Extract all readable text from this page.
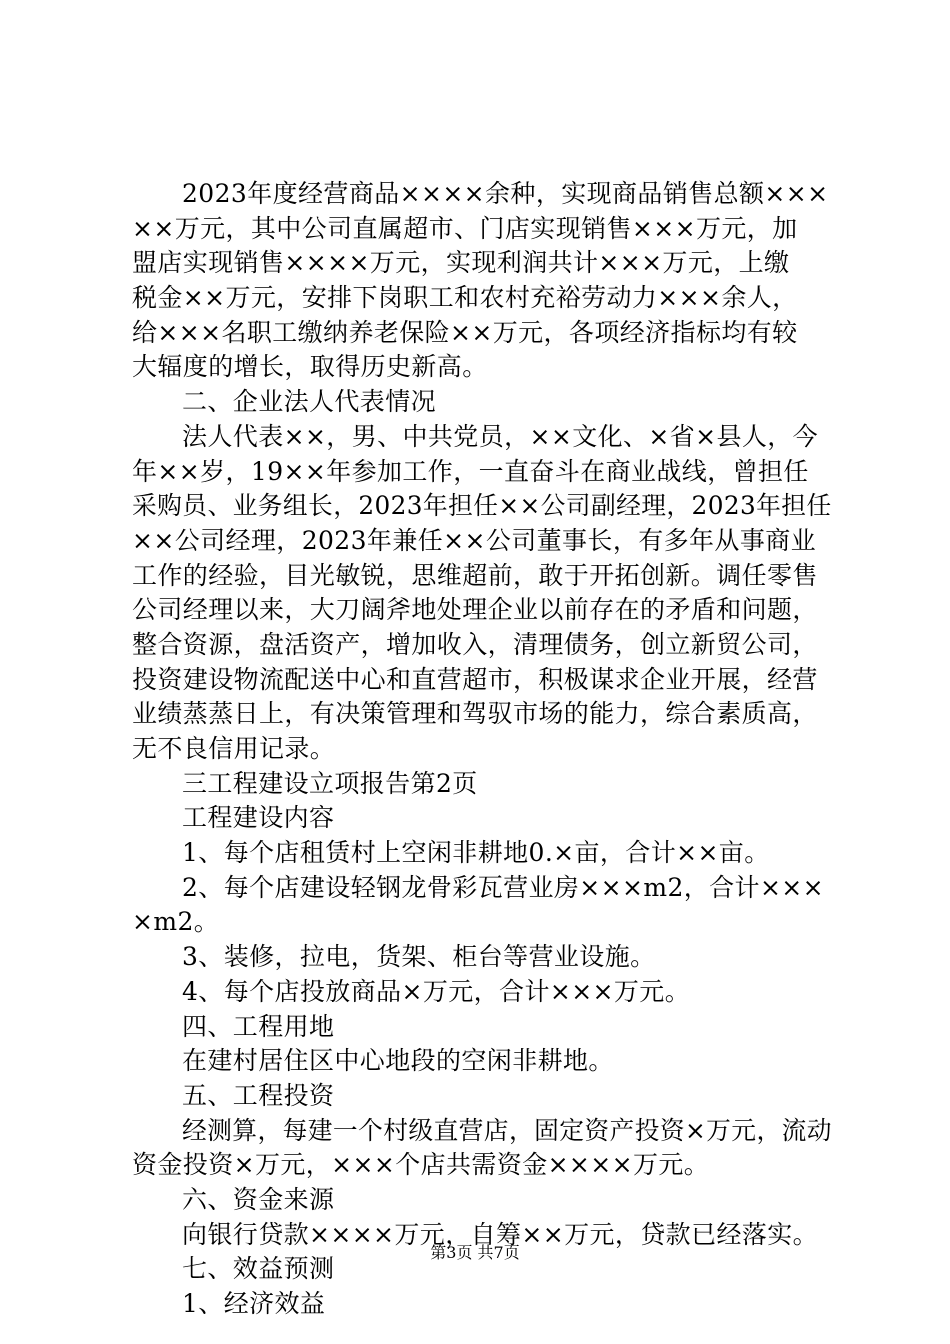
2023年度经营商品××××余种，实现商品销售总额×××
××万元，其中公司直属超市、门店实现销售×××万元，加
盟店实现销售××××万元，实现利润共计×××万元，上缴
税金××万元，安排下岗职工和农村充裕劳动力×××余人，
给×××名职工缴纳养老保险××万元，各项经济指标均有较
大辐度的增长，取得历史新高。
二、企业法人代表情况
法人代表××，男、中共党员，××文化、×省×县人，今
年××岁，19××年参加工作，一直奋斗在商业战线，曾担任
采购员、业务组长，2023年担任××公司副经理，2023年担任
××公司经理，2023年兼任××公司董事长，有多年从事商业
工作的经验，目光敏锐，思维超前，敢于开拓创新。调任零售
公司经理以来，大刀阔斧地处理企业以前存在的矛盾和问题，
整合资源，盘活资产，增加收入，清理债务，创立新贸公司，
投资建设物流配送中心和直营超市，积极谋求企业开展，经营
业绩蒸蒸日上，有决策管理和驾驭市场的能力，综合素质高，
无不良信用记录。
三工程建设立项报告第2页
工程建设内容
1、每个店租赁村上空闲非耕地0.×亩，合计××亩。
2、每个店建设轻钢龙骨彩瓦营业房×××m2，合计×××
×m2。
3、装修，拉电，货架、柜台等营业设施。
4、每个店投放商品×万元，合计×××万元。
四、工程用地
在建村居住区中心地段的空闲非耕地。
五、工程投资
经测算，每建一个村级直营店，固定资产投资×万元，流动
资金投资×万元，×××个店共需资金××××万元。
六、资金来源
向银行贷款××××万元，自筹××万元，贷款已经落实。
七、效益预测
1、经济效益
第3页 共7页
